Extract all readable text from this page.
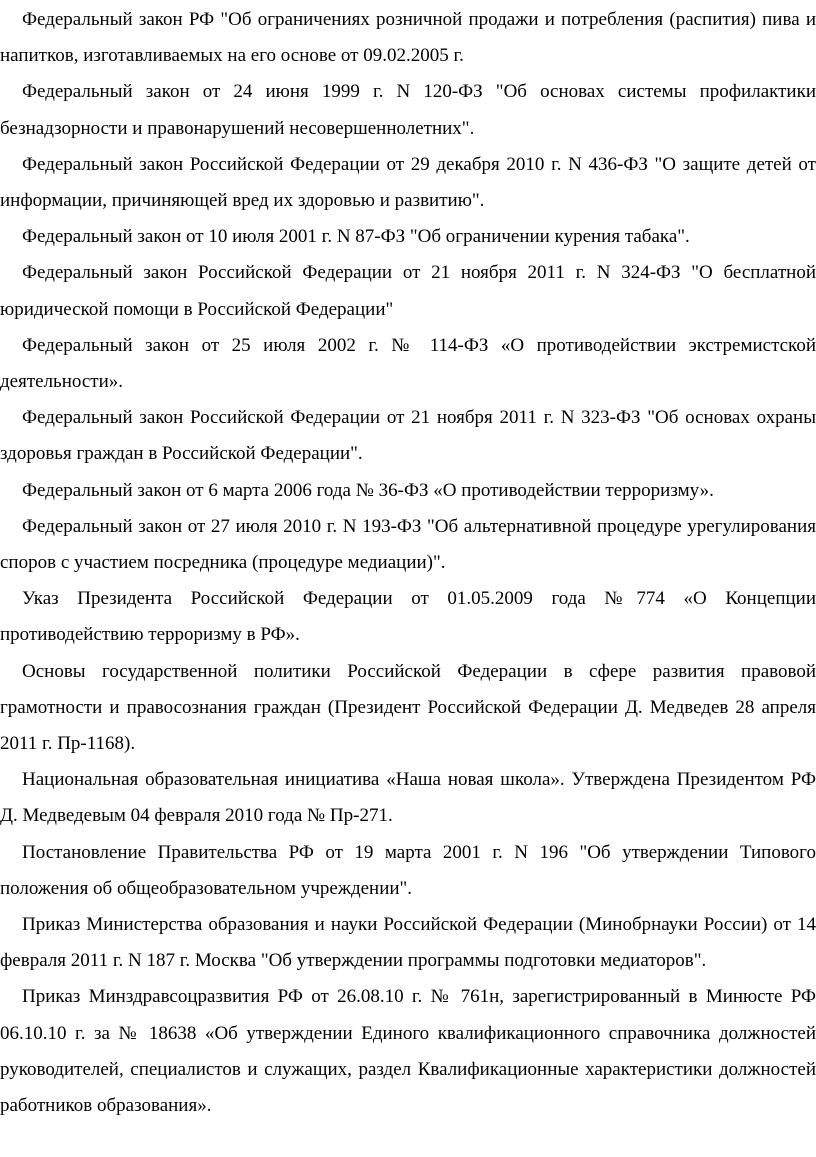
Федеральный закон РФ "Об ограничениях розничной продажи и потребления (распития) пива и напитков, изготавливаемых на его основе от 09.02.2005 г.

Федеральный закон от 24 июня 1999 г. N 120-ФЗ "Об основах системы профилактики безнадзорности и правонарушений несовершеннолетних".

Федеральный закон Российской Федерации от 29 декабря 2010 г. N 436-ФЗ "О защите детей от информации, причиняющей вред их здоровью и развитию".

Федеральный закон от 10 июля 2001 г. N 87-ФЗ "Об ограничении курения табака".

Федеральный закон Российской Федерации от 21 ноября 2011 г. N 324-ФЗ "О бесплатной юридической помощи в Российской Федерации"

Федеральный закон от 25 июля 2002 г. № 114-ФЗ «О противодействии экстремистской деятельности».

Федеральный закон Российской Федерации от 21 ноября 2011 г. N 323-ФЗ "Об основах охраны здоровья граждан в Российской Федерации".

Федеральный закон от 6 марта 2006 года № 36-ФЗ «О противодействии терроризму».

Федеральный закон от 27 июля 2010 г. N 193-ФЗ "Об альтернативной процедуре урегулирования споров с участием посредника (процедуре медиации)".

Указ Президента Российской Федерации от 01.05.2009 года №774 «О Концепции противодействию терроризму в РФ».

Основы государственной политики Российской Федерации в сфере развития правовой грамотности и правосознания граждан (Президент Российской Федерации Д. Медведев 28 апреля 2011 г. Пр-1168).

Национальная образовательная инициатива «Наша новая школа». Утверждена Президентом РФ Д. Медведевым 04 февраля 2010 года № Пр-271.

Постановление Правительства РФ от 19 марта 2001 г. N 196 "Об утверждении Типового положения об общеобразовательном учреждении".

Приказ Министерства образования и науки Российской Федерации (Минобрнауки России) от 14 февраля 2011 г. N 187 г. Москва "Об утверждении программы подготовки медиаторов".

Приказ Минздравсоцразвития РФ от 26.08.10 г. № 761н, зарегистрированный в Минюсте РФ 06.10.10 г. за № 18638 «Об утверждении Единого квалификационного справочника должностей руководителей, специалистов и служащих, раздел Квалификационные характеристики должностей работников образования».
